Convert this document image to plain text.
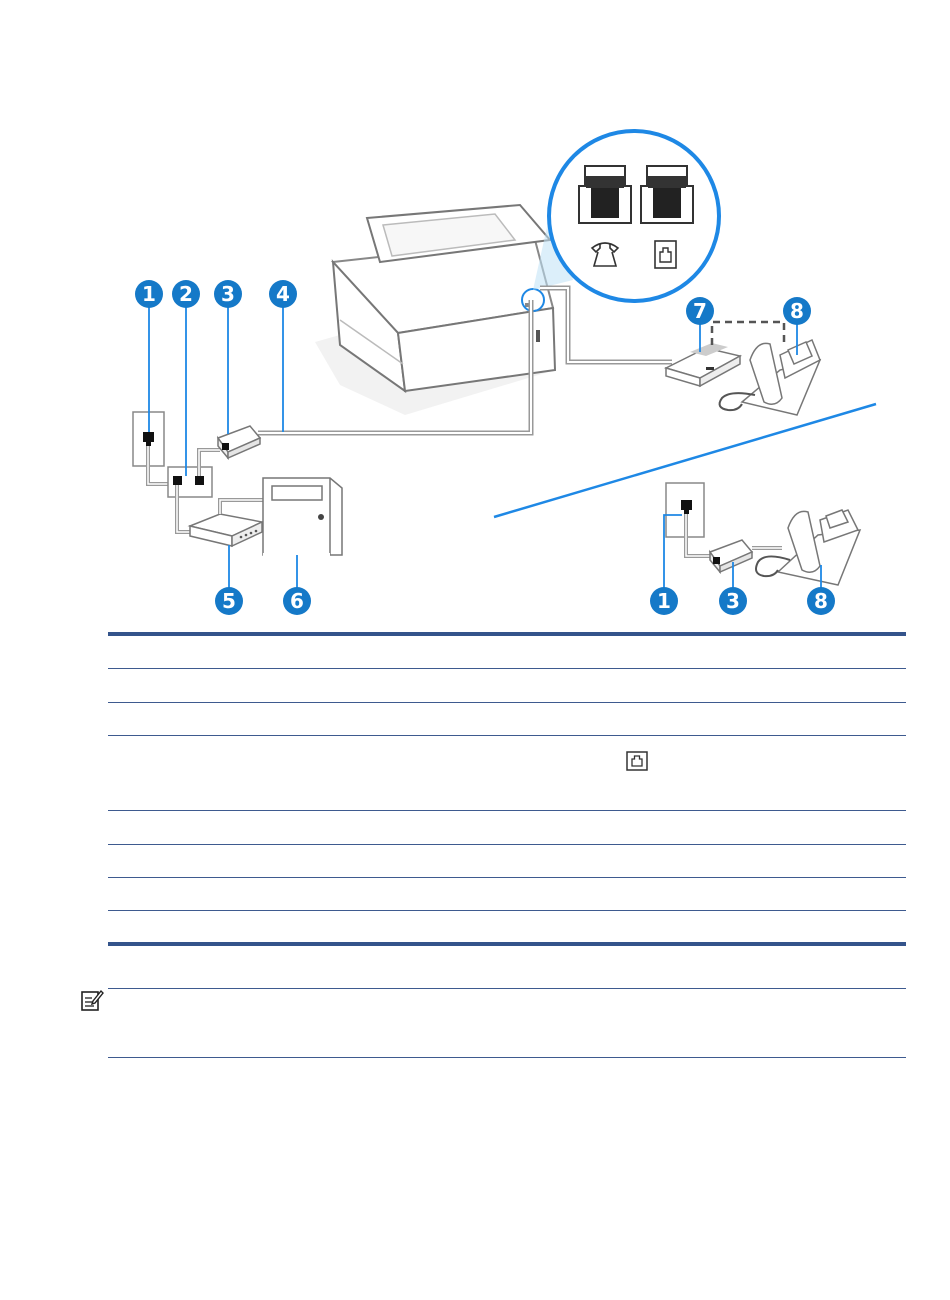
1 2 3 4
5	6
7	8
1	3	8
